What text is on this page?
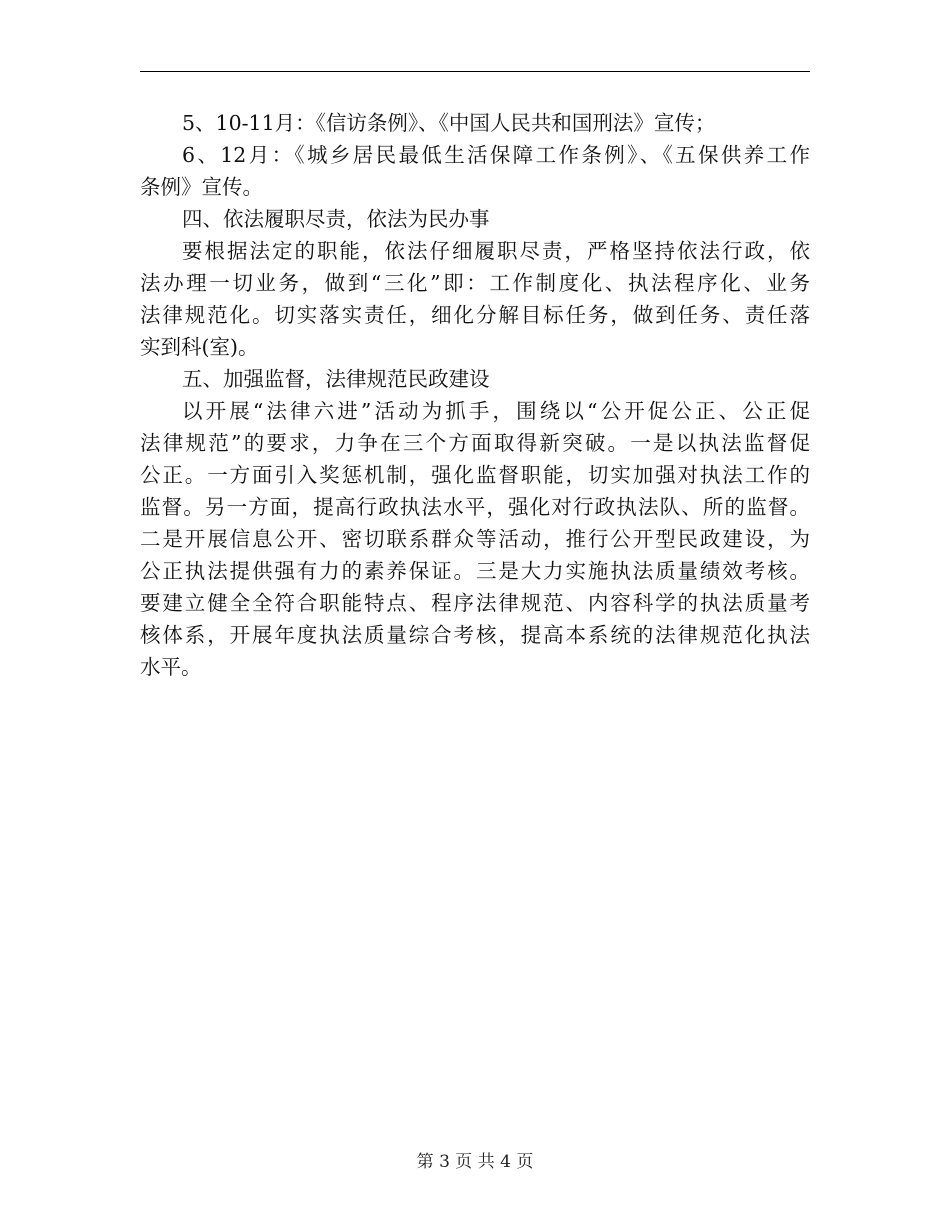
5、10-11月：《信访条例》、《中国人民共和国刑法》宣传；
6、12月：《城乡居民最低生活保障工作条例》、《五保供养工作
条例》宣传。
四、依法履职尽责，依法为民办事
要根据法定的职能，依法仔细履职尽责，严格坚持依法行政，依
法办理一切业务，做到“三化”即：工作制度化、执法程序化、业务
法律规范化。切实落实责任，细化分解目标任务，做到任务、责任落
实到科(室)。
五、加强监督，法律规范民政建设
以开展“法律六进”活动为抓手，围绕以“公开促公正、公正促
法律规范”的要求，力争在三个方面取得新突破。一是以执法监督促
公正。一方面引入奖惩机制，强化监督职能，切实加强对执法工作的
监督。另一方面，提高行政执法水平，强化对行政执法队、所的监督。
二是开展信息公开、密切联系群众等活动，推行公开型民政建设，为
公正执法提供强有力的素养保证。三是大力实施执法质量绩效考核。
要建立健全全符合职能特点、程序法律规范、内容科学的执法质量考
核体系，开展年度执法质量综合考核，提高本系统的法律规范化执法
水平。
第 3 页 共 4 页
